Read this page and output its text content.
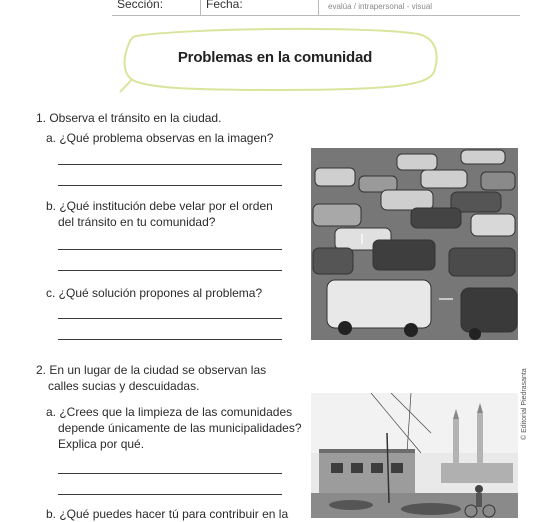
Sección:	Fecha:	evalúa / intrapersonal - visual
Problemas en la comunidad
1. Observa el tránsito en la ciudad.
a. ¿Qué problema observas en la imagen?
b. ¿Qué institución debe velar por el orden
del tránsito en tu comunidad?
c. ¿Qué solución propones al problema?
2. En un lugar de la ciudad se observan las
calles sucias y descuidadas.
a. ¿Crees que la limpieza de las comunidades
depende únicamente de las municipalidades?
Explica por qué.
b. ¿Qué puedes hacer tú para contribuir en la
© Editorial Piedrasanta
